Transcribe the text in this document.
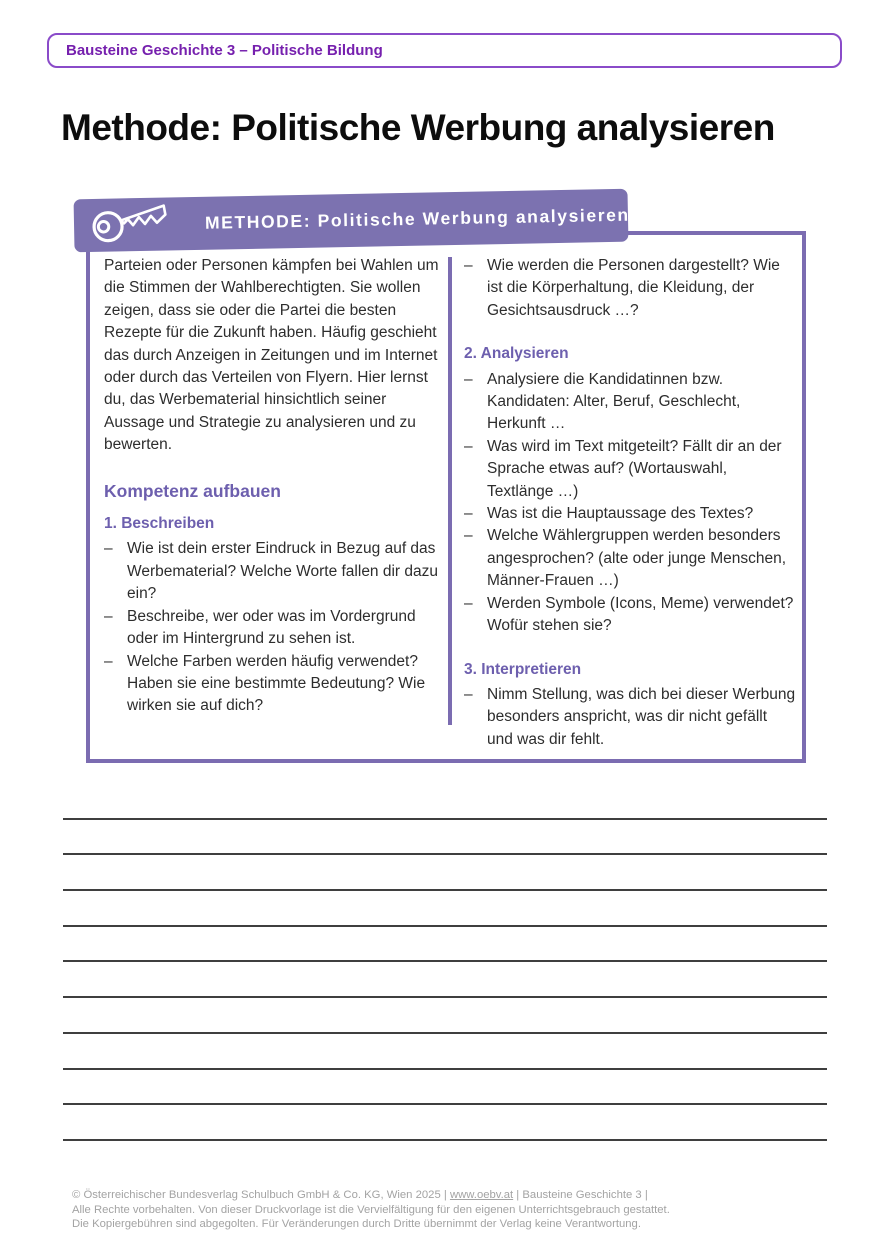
Bausteine Geschichte 3 – Politische Bildung
Methode: Politische Werbung analysieren
METHODE: Politische Werbung analysieren

Parteien oder Personen kämpfen bei Wahlen um die Stimmen der Wahlberechtigten. Sie wollen zeigen, dass sie oder die Partei die besten Rezepte für die Zukunft haben. Häufig geschieht das durch Anzeigen in Zeitungen und im Internet oder durch das Verteilen von Flyern. Hier lernst du, das Werbematerial hinsichtlich seiner Aussage und Strategie zu analysieren und zu bewerten.

Kompetenz aufbauen
1. Beschreiben
– Wie ist dein erster Eindruck in Bezug auf das Werbematerial? Welche Worte fallen dir dazu ein?
– Beschreibe, wer oder was im Vordergrund oder im Hintergrund zu sehen ist.
– Welche Farben werden häufig verwendet? Haben sie eine bestimmte Bedeutung? Wie wirken sie auf dich?
– Wie werden die Personen dargestellt? Wie ist die Körperhaltung, die Kleidung, der Gesichtsausdruck …?
2. Analysieren
– Analysiere die Kandidatinnen bzw. Kandidaten: Alter, Beruf, Geschlecht, Herkunft …
– Was wird im Text mitgeteilt? Fällt dir an der Sprache etwas auf? (Wortauswahl, Textlänge …)
– Was ist die Hauptaussage des Textes?
– Welche Wählergruppen werden besonders angesprochen? (alte oder junge Menschen, Männer-Frauen …)
– Werden Symbole (Icons, Meme) verwendet? Wofür stehen sie?
3. Interpretieren
– Nimm Stellung, was dich bei dieser Werbung besonders anspricht, was dir nicht gefällt und was dir fehlt.
© Österreichischer Bundesverlag Schulbuch GmbH & Co. KG, Wien 2025 | www.oebv.at | Bausteine Geschichte 3 |
Alle Rechte vorbehalten. Von dieser Druckvorlage ist die Vervielfältigung für den eigenen Unterrichtsgebrauch gestattet.
Die Kopiergebühren sind abgegolten. Für Veränderungen durch Dritte übernimmt der Verlag keine Verantwortung.
